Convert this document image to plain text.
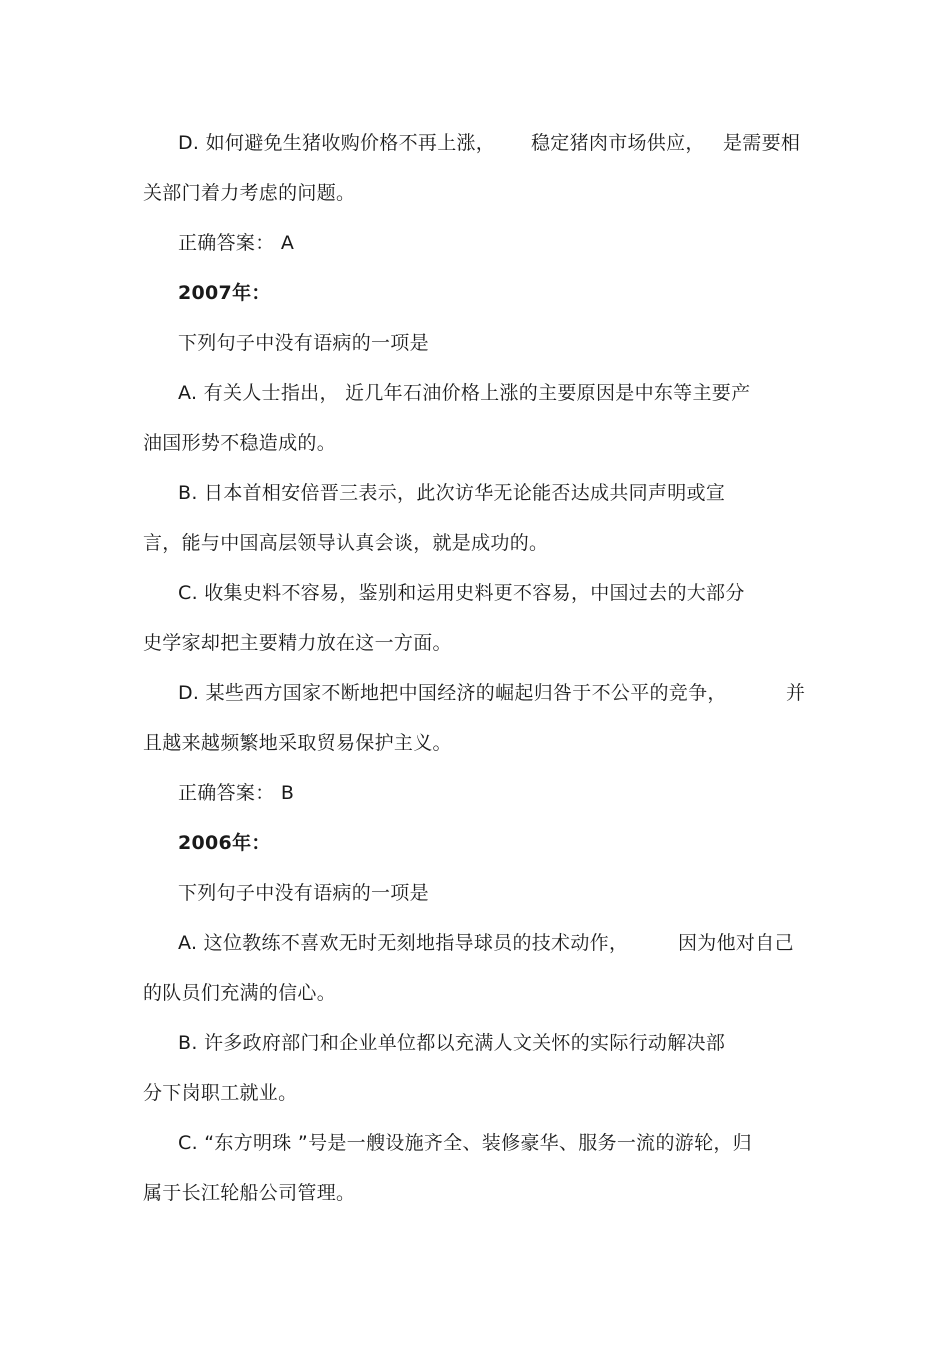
D. 如何避免生猪收购价格不再上涨， 稳定猪肉市场供应， 是需要相

关部门着力考虑的问题。

正确答案： A

2007年：

下列句子中没有语病的一项是

A. 有关人士指出， 近几年石油价格上涨的主要原因是中东等主要产

油国形势不稳造成的。

B. 日本首相安倍晋三表示，此次访华无论能否达成共同声明或宣

言，能与中国高层领导认真会谈，就是成功的。

C. 收集史料不容易，鉴别和运用史料更不容易，中国过去的大部分

史学家却把主要精力放在这一方面。

D. 某些西方国家不断地把中国经济的崛起归咎于不公平的竞争，	并

且越来越频繁地采取贸易保护主义。

正确答案： B

2006年：

下列句子中没有语病的一项是

A. 这位教练不喜欢无时无刻地指导球员的技术动作，	因为他对自己

的队员们充满的信心。

B. 许多政府部门和企业单位都以充满人文关怀的实际行动解决部

分下岗职工就业。

C. “东方明珠 ”号是一艘设施齐全、装修豪华、服务一流的游轮，归

属于长江轮船公司管理。
